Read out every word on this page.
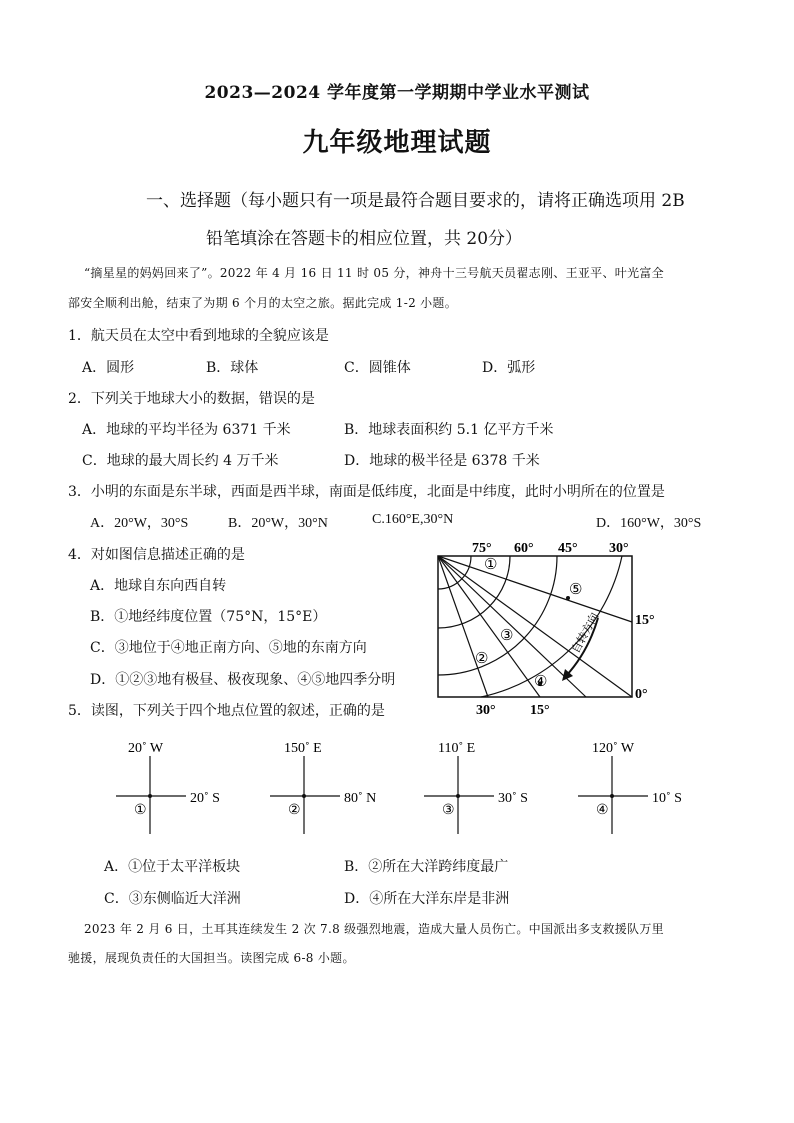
2023—2024 学年度第一学期期中学业水平测试
九年级地理试题
一、选择题（每小题只有一项是最符合题目要求的，请将正确选项用 2B
铅笔填涂在答题卡的相应位置，共 20分）
“摘星星的妈妈回来了”。2022 年 4 月 16 日 11 时 05 分，神舟十三号航天员翟志刚、王亚平、叶光富全
部安全顺利出舱，结束了为期 6 个月的太空之旅。据此完成 1-2 小题。
1．航天员在太空中看到地球的全貌应该是
A．圆形	B．球体	C．圆锥体	D．弧形
2．下列关于地球大小的数据，错误的是
A．地球的平均半径为 6371 千米	B．地球表面积约 5.1 亿平方千米
C．地球的最大周长约 4 万千米	D．地球的极半径是 6378 千米
3．小明的东面是东半球，西面是西半球，南面是低纬度，北面是中纬度，此时小明所在的位置是
A．20°W，30°S	B．20°W，30°N	C.160°E,30°N	D．160°W，30°S
4．对如图信息描述正确的是
A．地球自东向西自转
B．①地经纬度位置（75°N，15°E）
C．③地位于④地正南方向、⑤地的东南方向
D．①②③地有极昼、极夜现象、④⑤地四季分明
自转方向
75° 60° 45° 30°
15°
0°
30° 15°
①
②
③
④
⑤
5．读图，下列关于四个地点位置的叙述，正确的是
20˚ W
①
20˚ S
150˚ E
②
80˚ N
110˚ E
③
30˚ S
120˚ W
④
10˚ S
A．①位于太平洋板块	B．②所在大洋跨纬度最广
C．③东侧临近大洋洲	D．④所在大洋东岸是非洲
2023 年 2 月 6 日，土耳其连续发生 2 次 7.8 级强烈地震，造成大量人员伤亡。中国派出多支救援队万里
驰援，展现负责任的大国担当。读图完成 6-8 小题。
